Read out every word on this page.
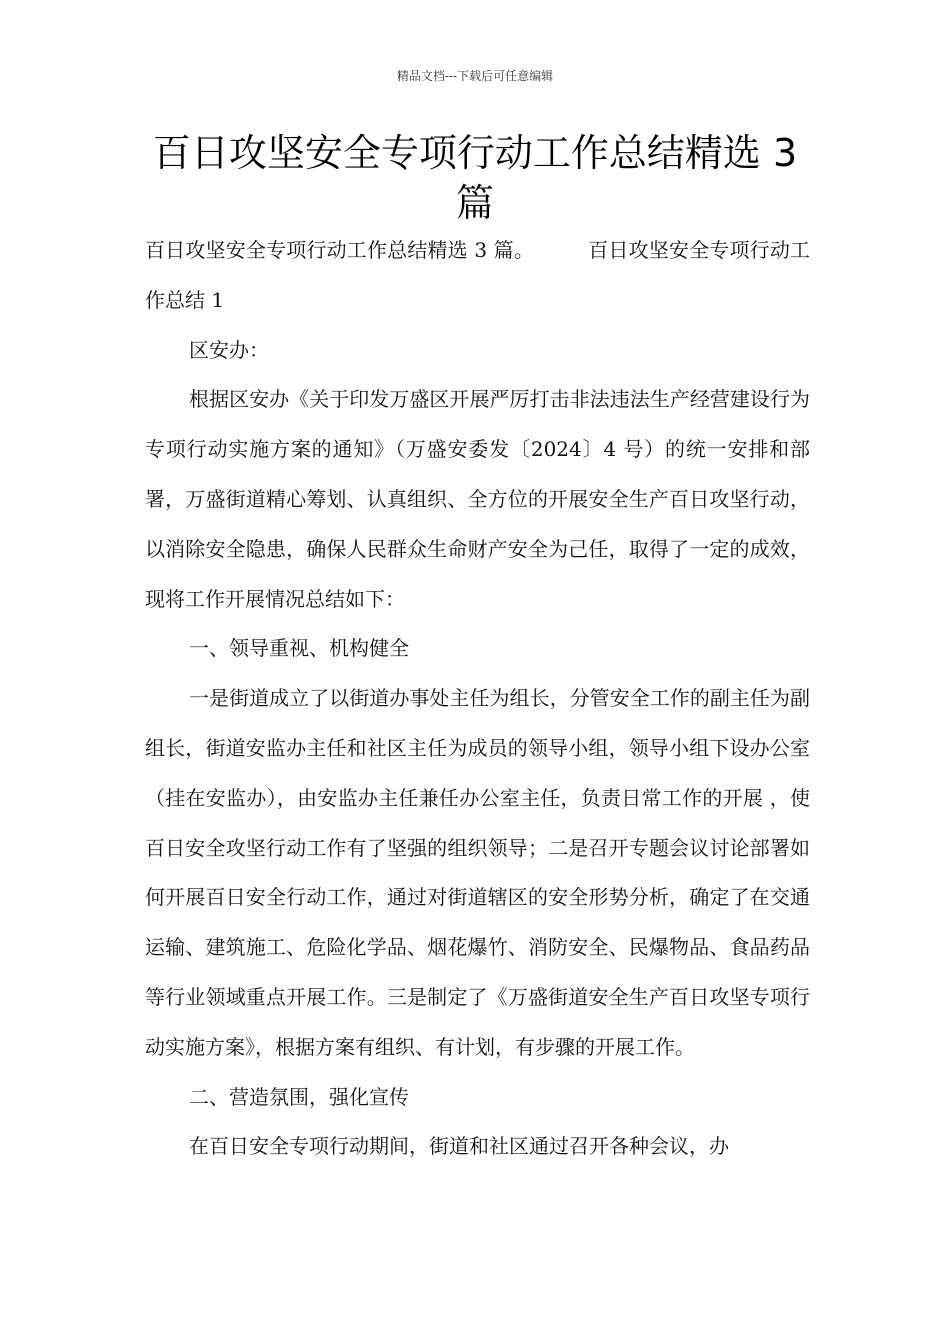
精品文档---下载后可任意编辑
百日攻坚安全专项行动工作总结精选 3 篇

百日攻坚安全专项行动工作总结精选 3 篇。	百日攻坚安全专项行动工作总结 1

区安办：

根据区安办《关于印发万盛区开展严厉打击非法违法生产经营建设行为专项行动实施方案的通知》（万盛安委发〔2024〕4 号）的统一安排和部署，万盛街道精心筹划、认真组织、全方位的开展安全生产百日攻坚行动，以消除安全隐患，确保人民群众生命财产安全为己任，取得了一定的成效，现将工作开展情况总结如下：

一、领导重视、机构健全

一是街道成立了以街道办事处主任为组长，分管安全工作的副主任为副组长，街道安监办主任和社区主任为成员的领导小组，领导小组下设办公室（挂在安监办），由安监办主任兼任办公室主任，负责日常工作的开展 ，使百日安全攻坚行动工作有了坚强的组织领导；二是召开专题会议讨论部署如何开展百日安全行动工作，通过对街道辖区的安全形势分析，确定了在交通运输、建筑施工、危险化学品、烟花爆竹、消防安全、民爆物品、食品药品等行业领域重点开展工作。三是制定了《万盛街道安全生产百日攻坚专项行动实施方案》，根据方案有组织、有计划，有步骤的开展工作。

二、营造氛围，强化宣传

在百日安全专项行动期间，街道和社区通过召开各种会议，办
